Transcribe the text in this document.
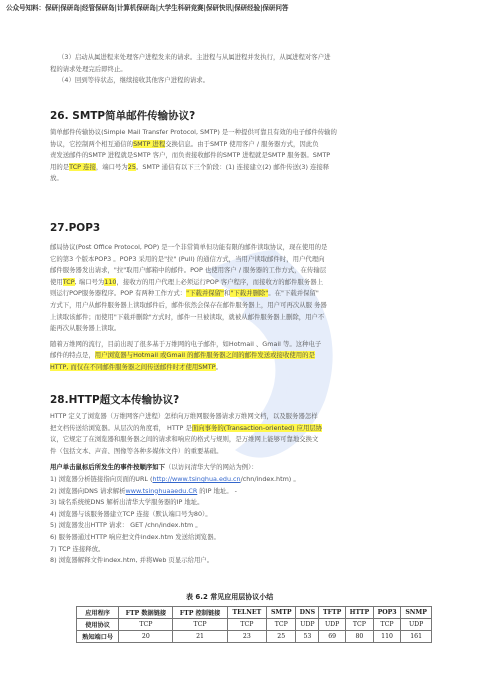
公众号知料：保研|保研岛|经管保研岛|计算机保研岛|大学生科研竞赛|保研快讯|保研经验|保研问答

（3）启动从属进程来处理客户进程发来的请求。主进程与从属进程并发执行，从属进程对客户进

程的请求处理完后即终止。

（4）回到等待状态，继续接收其他客户进程的请求。

26. SMTP简单邮件传输协议?

简单邮件传输协议(Simple Mail Transfer Protocol, SMTP) 是一种提供可靠且有效的电子邮件传输的

协议，它控制两个相互通信的SMTP 进程交换信息。由于SMTP 使用客户 / 服务器方式，因此负

责发送邮件的SMTP 进程就是SMTP 客户，而负责接收邮件的SMTP 进程就是SMTP 服务器。SMTP

用的是TCP 连接，端口号为25。SMTP 通信有以下三个阶段：(1) 连接建立(2) 邮件传送(3) 连接释

放。

27.POP3

邮局协议(Post Office Protocol, POP) 是一个非常简单但功能有限的邮件读取协议，现在使用的是

它的第3 个版本POP3 。POP3 采用的是"拉" (Pull) 的通信方式，当用户读取邮件时，用户代理向

邮件服务器发出请求，"拉"取用户邮箱中的邮件。POP 也使用客户 / 服务器的工作方式，在传输层

使用TCP, 端口号为110，接收方的用户代理上必须运行POP 客户程序，而接收方的邮件服务器上

则运行POP服务器程序。POP 有两种工作方式："下载并保留"和"下载并删除"。在"下载并保留"

方式下，用户从邮件服务器上读取邮件后，邮件依然会保存在邮件服务器上，用户可再次从服 务器

上读取该邮件；而使用"下载并删除"方式时，邮件一旦被读取，就被从邮件服务器上删除，用户不

能再次从服务器上读取。

随着万维网的流行，目前出现了很多基于万维网的电子邮件，如Hotmail 、Gmail 等。这种电子

邮件的特点是，用户浏览器与Hotmail 或Gmail 的邮件服务器之间的邮件发送或接收使用的是

HTTP, 而仅在不同邮件服务器之间传送邮件时才使用SMTP。

28.HTTP超文本传输协议?

HTTP 定义了浏览器（万维网客户进程）怎样向万维网服务器请求万维网文档，以及服务器怎样

把文档传送给浏览器。从层次的角度看， HTTP 是面向事务的(Transaction-oriented) 应用层协

议，它规定了在浏览器和服务器之间的请求和响应的格式与规则，是万维网上能够可靠地交换文

件（包括文本、声音、图像等各种多媒体文件）的重要基础。

用户单击鼠标后所发生的事件按顺序如下（以访问清华大学的网站为例）：

1) 浏览器分析链接指向页面的URL (http://www.tsinghua.edu.cn/chn/index.htm) 。

2) 浏览器向DNS 请求解析www.tsinghuaaedu.CR 的IP 地址。 -

3) 域名系统统DNS 解析出清华大学服务器的IP 地址。

4) 浏览器与该服务器建立TCP 连接（默认端口号为80）。

5) 浏览器发出HTTP 请求： GET /chn/index.htm 。

6) 服务器通过HTTP 响应把文件index.htm 发送给浏览器。

7) TCP 连接释放。

8) 浏览器解释文件index.htm, 并将Web 页显示给用户。

表 6.2 常见应用层协议小结
应用程序	FTP 数据链接	FTP 控制链接	TELNET	SMTP	DNS	TFTP	HTTP	POP3	SNMP
使用协议	TCP	TCP	TCP	TCP	UDP	UDP	TCP	TCP	UDP
熟知端口号	20	21	23	25	53	69	80	110	161
